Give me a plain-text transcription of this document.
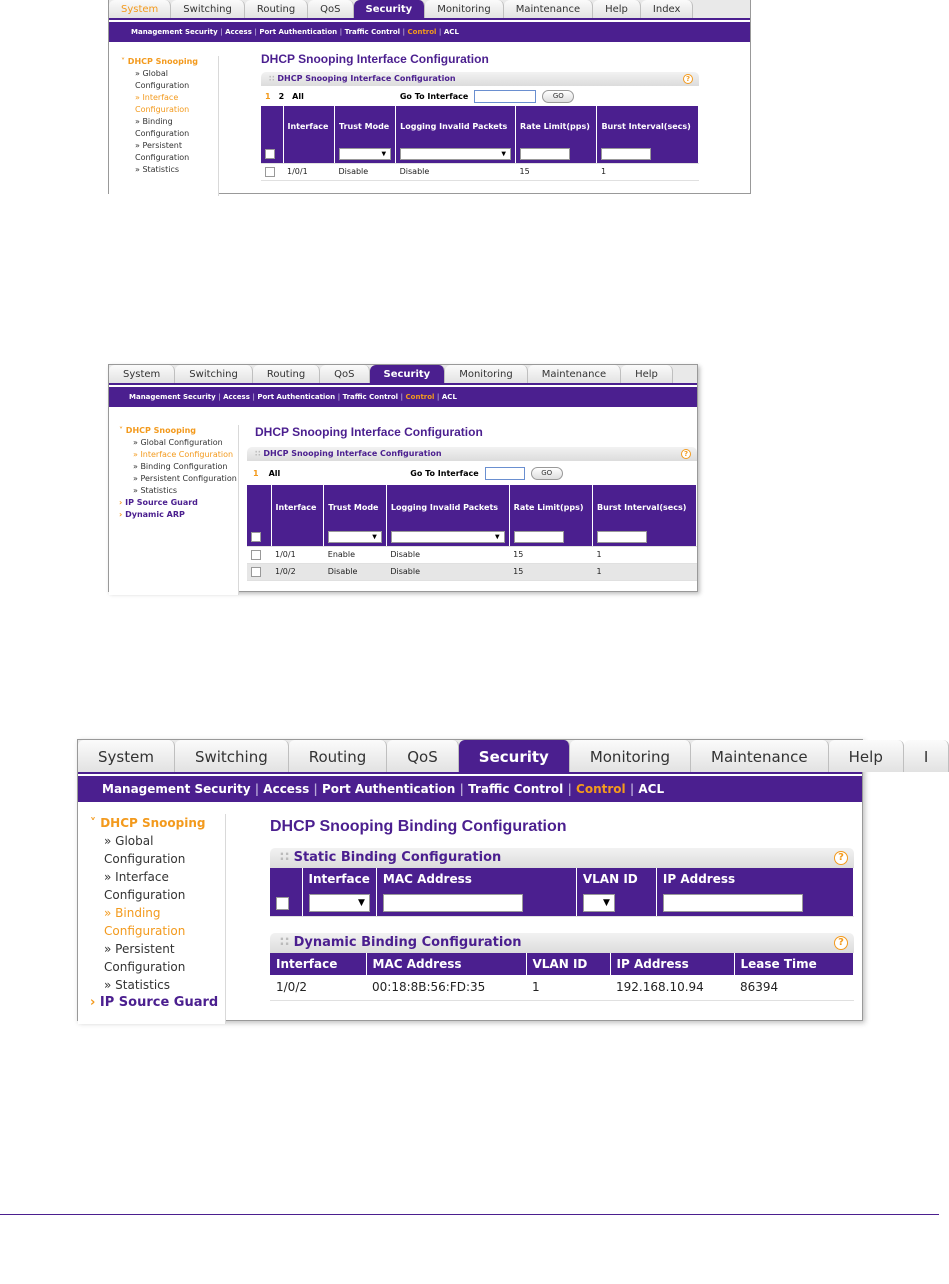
System	Switching	Routing	QoS	Security	Monitoring	Maintenance	Help	Index
Management Security | Access | Port Authentication | Traffic Control | Control | ACL
˅ DHCP Snooping
» Global Configuration
» Interface Configuration
» Binding Configuration
» Persistent Configuration
» Statistics
DHCP Snooping Interface Configuration
∷ DHCP Snooping Interface Configuration	?
1 2 All	Go To Interface	GO
	Interface	Trust Mode	Logging Invalid Packets	Rate Limit(pps)	Burst Interval(secs)

▼

▼

	1/0/1	Disable	Disable	15	1
System	Switching	Routing	QoS	Security	Monitoring	Maintenance	Help
Management Security | Access | Port Authentication | Traffic Control | Control | ACL
˅ DHCP Snooping
» Global Configuration
» Interface Configuration
» Binding Configuration
» Persistent Configuration
» Statistics
› IP Source Guard
› Dynamic ARP
DHCP Snooping Interface Configuration
∷ DHCP Snooping Interface Configuration	?
1 All	Go To Interface	GO
	Interface	Trust Mode	Logging Invalid Packets	Rate Limit(pps)	Burst Interval(secs)

▼

▼

	1/0/1	Enable	Disable	15	1
	1/0/2	Disable	Disable	15	1
System	Switching	Routing	QoS	Security	Monitoring	Maintenance	Help	I
Management Security | Access | Port Authentication | Traffic Control | Control | ACL
˅ DHCP Snooping
» Global Configuration
» Interface Configuration
» Binding Configuration
» Persistent Configuration
» Statistics
› IP Source Guard
DHCP Snooping Binding Configuration
∷ Static Binding Configuration	?
	Interface	MAC Address	VLAN ID	IP Address

▼

▼

∷ Dynamic Binding Configuration	?
Interface	MAC Address	VLAN ID	IP Address	Lease Time
1/0/2	00:18:8B:56:FD:35	1	192.168.10.94	86394
